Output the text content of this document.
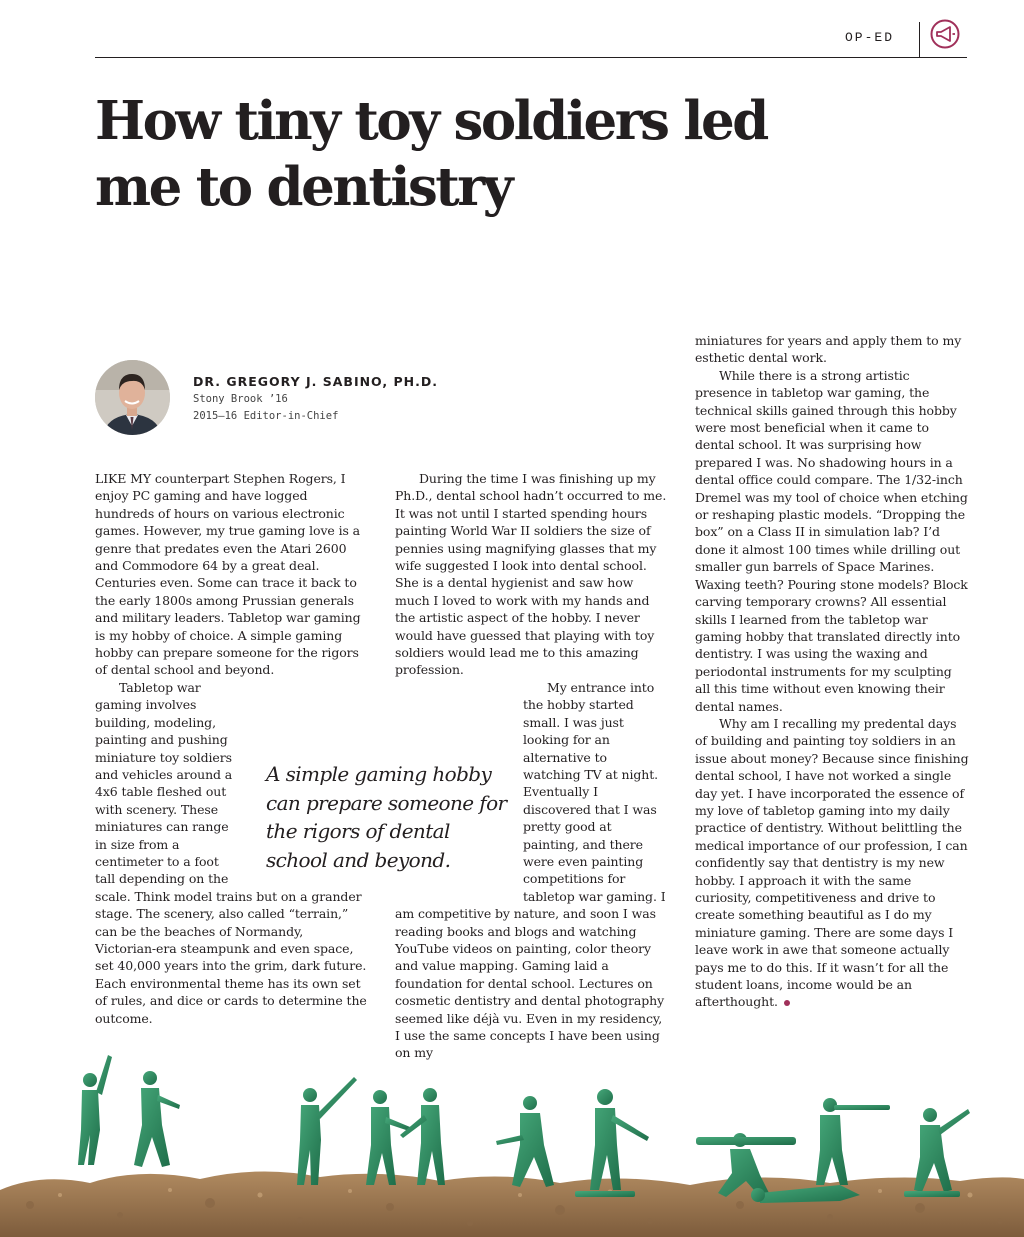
OP-ED
How tiny toy soldiers led me to dentistry
DR. GREGORY J. SABINO, PH.D.
Stony Brook ’16
2015–16 Editor-in-Chief

LIKE MY counterpart Stephen Rogers, I enjoy PC gaming and have logged hundreds of hours on various electronic games. However, my true gaming love is a genre that predates even the Atari 2600 and Commodore 64 by a great deal. Centuries even. Some can trace it back to the early 1800s among Prussian generals and military leaders. Tabletop war gaming is my hobby of choice. A simple gaming hobby can prepare someone for the rigors of dental school and beyond.

Tabletop war gaming involves building, modeling, painting and pushing miniature toy soldiers and vehicles around a 4x6 table fleshed out with scenery. These miniatures can range in size from a centimeter to a foot tall depending on the scale. Think model trains but on a grander stage. The scenery, also called “terrain,” can be the beaches of Normandy, Victorian-era steampunk and even space, set 40,000 years into the grim, dark future. Each environmental theme has its own set of rules, and dice or cards to determine the outcome.

During the time I was finishing up my Ph.D., dental school hadn’t occurred to me. It was not until I started spending hours painting World War II soldiers the size of pennies using magnifying glasses that my wife suggested I look into dental school. She is a dental hygienist and saw how much I loved to work with my hands and the artistic aspect of the hobby. I never would have guessed that playing with toy soldiers would lead me to this amazing profession.

My entrance into the hobby started small. I was just looking for an alternative to watching TV at night. Eventually I discovered that I was pretty good at painting, and there were even painting competitions for tabletop war gaming. I am competitive by nature, and soon I was reading books and blogs and watching YouTube videos on painting, color theory and value mapping. Gaming laid a foundation for dental school. Lectures on cosmetic dentistry and dental photography seemed like déjà vu. Even in my residency, I use the same concepts I have been using on my

miniatures for years and apply them to my esthetic dental work.

While there is a strong artistic presence in tabletop war gaming, the technical skills gained through this hobby were most beneficial when it came to dental school. It was surprising how prepared I was. No shadowing hours in a dental office could compare. The 1/32-inch Dremel was my tool of choice when etching or reshaping plastic models. “Dropping the box” on a Class II in simulation lab? I’d done it almost 100 times while drilling out smaller gun barrels of Space Marines. Waxing teeth? Pouring stone models? Block carving temporary crowns? All essential skills I learned from the tabletop war gaming hobby that translated directly into dentistry. I was using the waxing and periodontal instruments for my sculpting all this time without even knowing their dental names.

Why am I recalling my predental days of building and painting toy soldiers in an issue about money? Because since finishing dental school, I have not worked a single day yet. I have incorporated the essence of my love of tabletop gaming into my daily practice of dentistry. Without belittling the medical importance of our profession, I can confidently say that dentistry is my new hobby. I approach it with the same curiosity, competitiveness and drive to create something beautiful as I do my miniature gaming. There are some days I leave work in awe that someone actually pays me to do this. If it wasn’t for all the student loans, income would be an afterthought.

A simple gaming hobby can prepare someone for the rigors of dental school and beyond.
